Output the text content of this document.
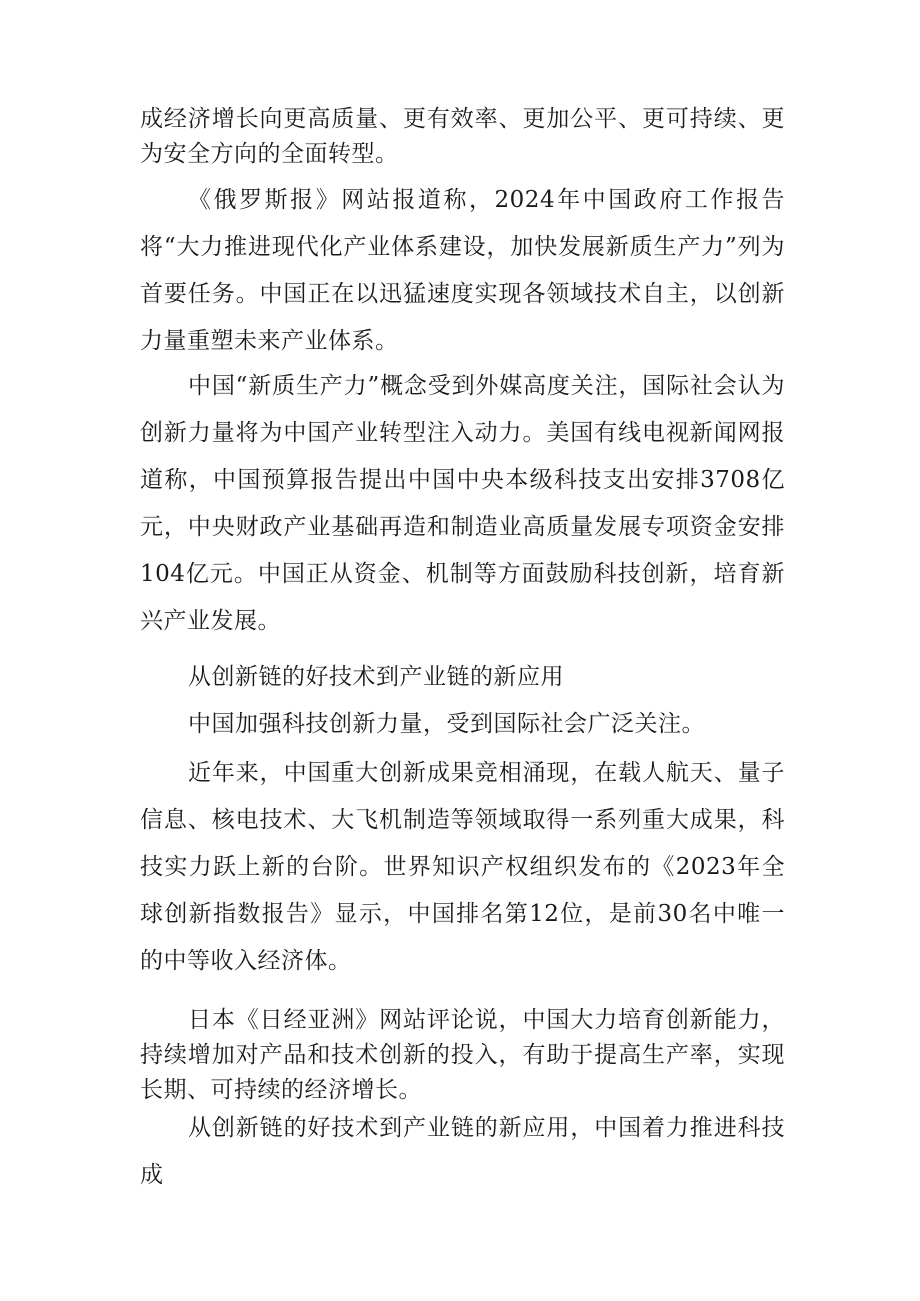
成经济增长向更高质量、更有效率、更加公平、更可持续、更为安全方向的全面转型。

《俄罗斯报》网站报道称，2024年中国政府工作报告将“大力推进现代化产业体系建设，加快发展新质生产力”列为首要任务。中国正在以迅猛速度实现各领域技术自主，以创新力量重塑未来产业体系。

中国“新质生产力”概念受到外媒高度关注，国际社会认为创新力量将为中国产业转型注入动力。美国有线电视新闻网报道称，中国预算报告提出中国中央本级科技支出安排3708亿元，中央财政产业基础再造和制造业高质量发展专项资金安排104亿元。中国正从资金、机制等方面鼓励科技创新，培育新兴产业发展。

从创新链的好技术到产业链的新应用

中国加强科技创新力量，受到国际社会广泛关注。

近年来，中国重大创新成果竞相涌现，在载人航天、量子信息、核电技术、大飞机制造等领域取得一系列重大成果，科技实力跃上新的台阶。世界知识产权组织发布的《2023年全球创新指数报告》显示，中国排名第12位，是前30名中唯一的中等收入经济体。

日本《日经亚洲》网站评论说，中国大力培育创新能力，持续增加对产品和技术创新的投入，有助于提高生产率，实现长期、可持续的经济增长。

从创新链的好技术到产业链的新应用，中国着力推进科技成
